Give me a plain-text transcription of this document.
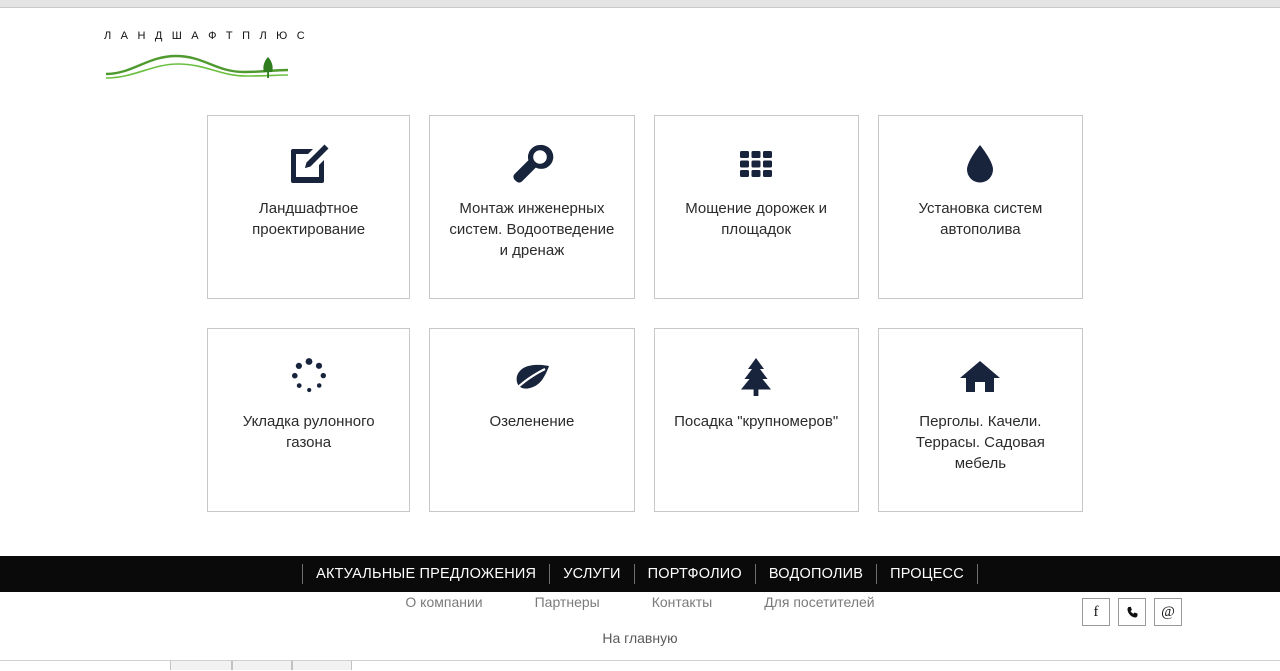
Л А Н Д Ш А Ф Т П Л Ю С
Ландшафтное проектирование
Монтаж инженерных систем. Водоотведение и дренаж
Мощение дорожек и площадок
Установка систем автополива
Укладка рулонного газона
Озеленение	Посадка "крупномеров"	Перголы. Качели. Террасы. Садовая мебель
АКТУАЛЬНЫЕ ПРЕДЛОЖЕНИЯ	УСЛУГИ	ПОРТФОЛИО	ВОДОПОЛИВ	ПРОЦЕСС
О компании	Партнеры	Контакты	Для посетителей
На главную
f	@
